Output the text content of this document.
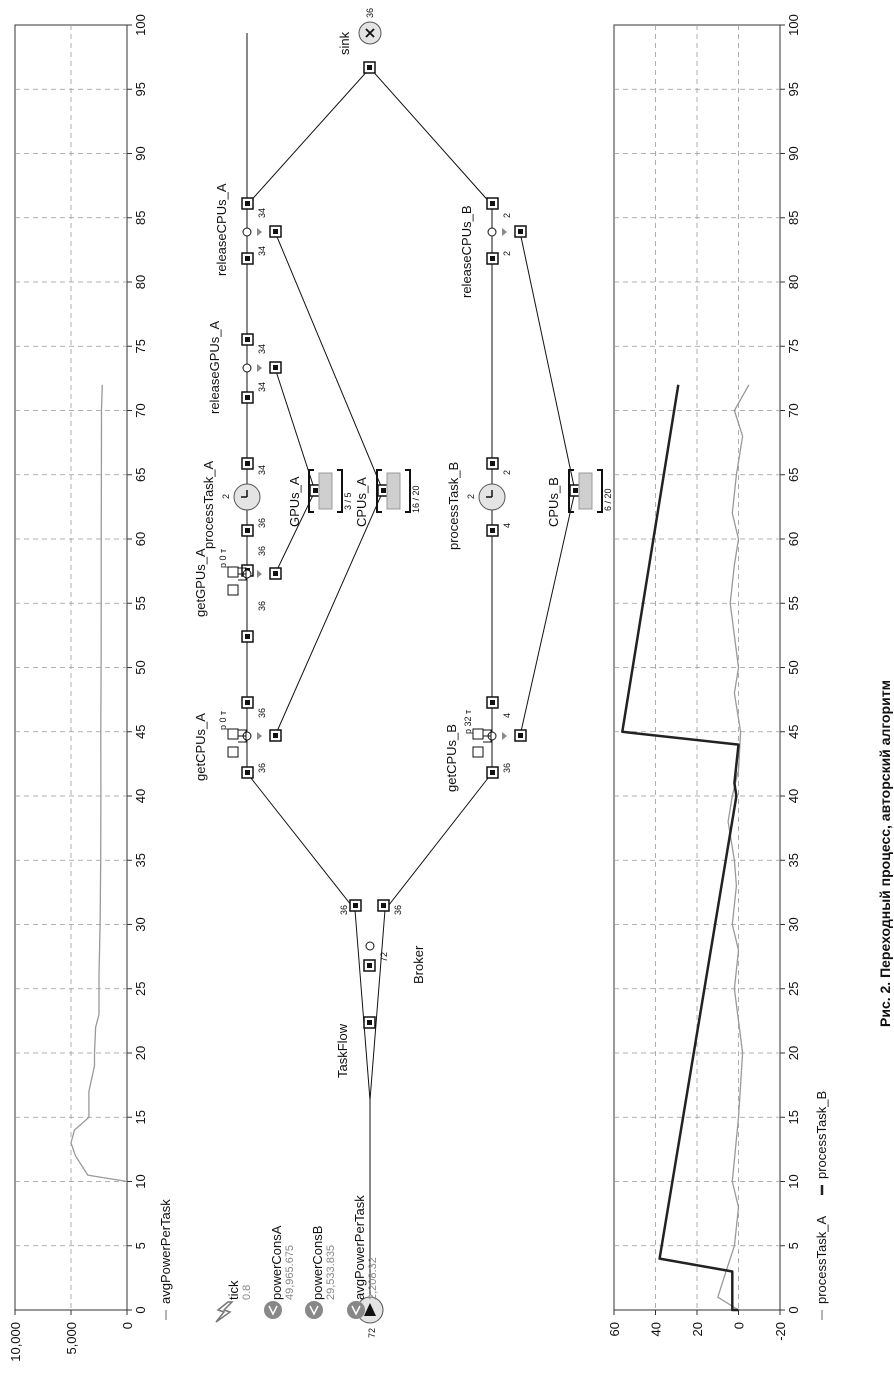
0
5
10
15
20
25
30
35
40
45
50
55
60
65
70
75
80
85
90
95
100
0
5,000
10,000
avgPowerPerTask
TaskFlow
Broker
getCPUs_A
getGPUs_A
processTask_A
releaseGPUs_A
releaseCPUs_A
GPUs_A	CPUs_A
getCPUs_B
processTask_B
releaseCPUs_B
CPUs_B
sink
72
72
36	36
36
36
р 0 т
36
36
р 0 т
36
2
34
34
34
34
34
3 / 5	16 / 20
36
4
р 32 т
4
2
2
2
2
6 / 20
36
tick 0.8 powerConsA 49,965.675 powerConsB 29,533.835 avgPowerPerTask 2,208.32
0
5
10
15
20
25
30
35
40
45
50
55
60
65
70
75
80
85
90
95
100
-20
0
20
40
60
processTask_A
processTask_B
Рис. 2. Переходный процесс, авторский алгоритм
